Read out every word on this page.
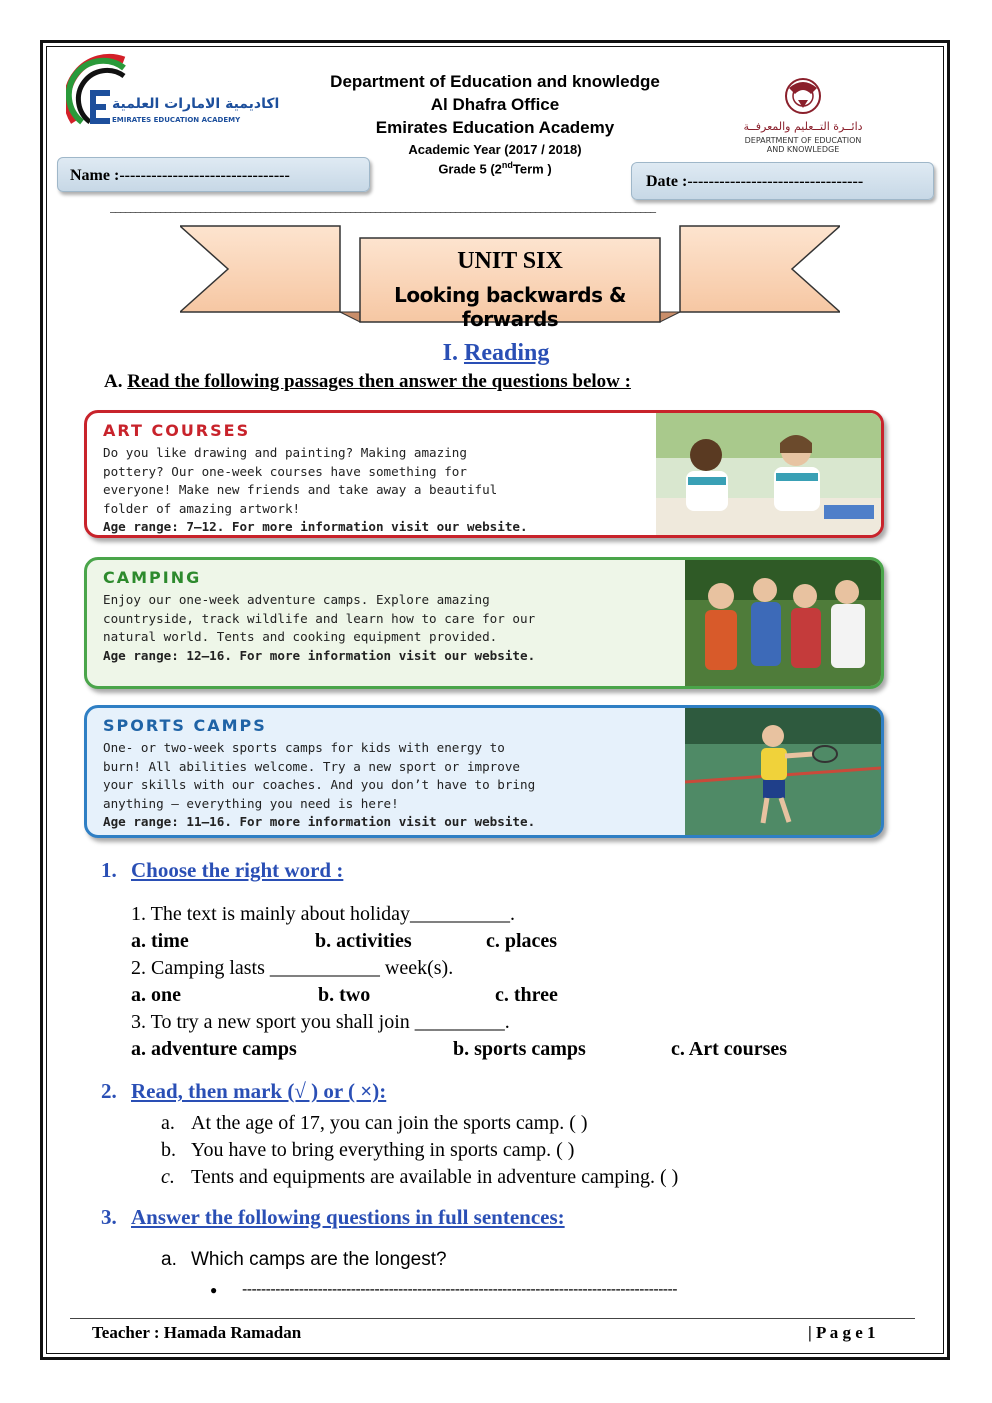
اكاديمية الامارات العلمية
EMIRATES EDUCATION ACADEMY
Department of Education and knowledge
Al Dhafra Office
Emirates Education Academy
Academic Year (2017 / 2018)
Grade 5 (2ndTerm )
دائــرة التــعليم والمعرفــة
DEPARTMENT OF EDUCATION
AND KNOWLEDGE
Name :--------------------------------	Date :---------------------------------
_____________________________________________________________________________________________________________
UNIT SIX
Looking backwards & forwards
I. Reading
A. Read the following passages then answer the questions below :
ART COURSES
Do you like drawing and painting? Making amazing
pottery? Our one-week courses have something for
everyone! Make new friends and take away a beautiful
folder of amazing artwork!
Age range: 7–12. For more information visit our website.
CAMPING
Enjoy our one-week adventure camps. Explore amazing
countryside, track wildlife and learn how to care for our
natural world. Tents and cooking equipment provided.
Age range: 12–16. For more information visit our website.
SPORTS CAMPS
One- or two-week sports camps for kids with energy to
burn! All abilities welcome. Try a new sport or improve
your skills with our coaches. And you don’t have to bring
anything – everything you need is here!
Age range: 11–16. For more information visit our website.
1. Choose the right word :
1. The text is mainly about holiday__________.
a. time	b. activities	c. places
2. Camping lasts ___________ week(s).
a. one	b. two	c. three
3. To try a new sport you shall join _________.
a. adventure camps	b. sports camps	c. Art courses
2. Read, then mark (√ ) or ( ×):
a. At the age of 17, you can join the sports camp. ( )
b. You have to bring everything in sports camp. ( )
c. Tents and equipments are available in adventure camping. ( )
3. Answer the following questions in full sentences:
a. Which camps are the longest?
● --------------------------------------------------------------------------------------------
Teacher : Hamada Ramadan	| P a g e 1
